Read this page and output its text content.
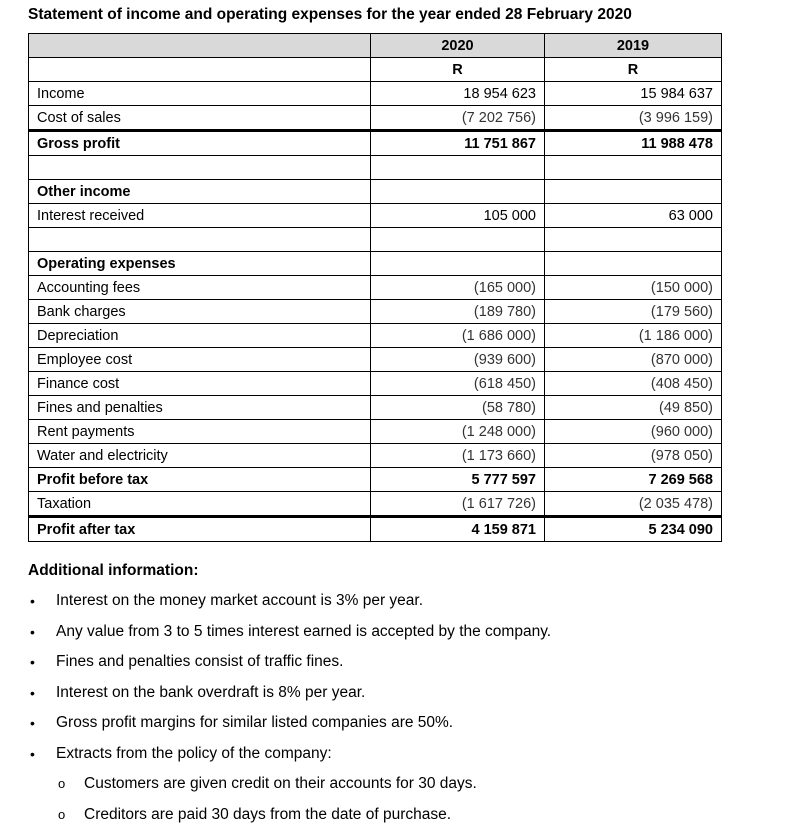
Statement of income and operating expenses for the year ended 28 February 2020
	2020	2019
	R	R
Income	18 954 623	15 984 637
Cost of sales	(7 202 756)	(3 996 159)
Gross profit	11 751 867	11 988 478

Other income		
Interest received	105 000	63 000

Operating expenses		
Accounting fees	(165 000)	(150 000)
Bank charges	(189 780)	(179 560)
Depreciation	(1 686 000)	(1 186 000)
Employee cost	(939 600)	(870 000)
Finance cost	(618 450)	(408 450)
Fines and penalties	(58 780)	(49 850)
Rent payments	(1 248 000)	(960 000)
Water and electricity	(1 173 660)	(978 050)
Profit before tax	5 777 597	7 269 568
Taxation	(1 617 726)	(2 035 478)
Profit after tax	4 159 871	5 234 090
Additional information:
• Interest on the money market account is 3% per year.
• Any value from 3 to 5 times interest earned is accepted by the company.
• Fines and penalties consist of traffic fines.
• Interest on the bank overdraft is 8% per year.
• Gross profit margins for similar listed companies are 50%.
• Extracts from the policy of the company:
o Customers are given credit on their accounts for 30 days.
o Creditors are paid 30 days from the date of purchase.
